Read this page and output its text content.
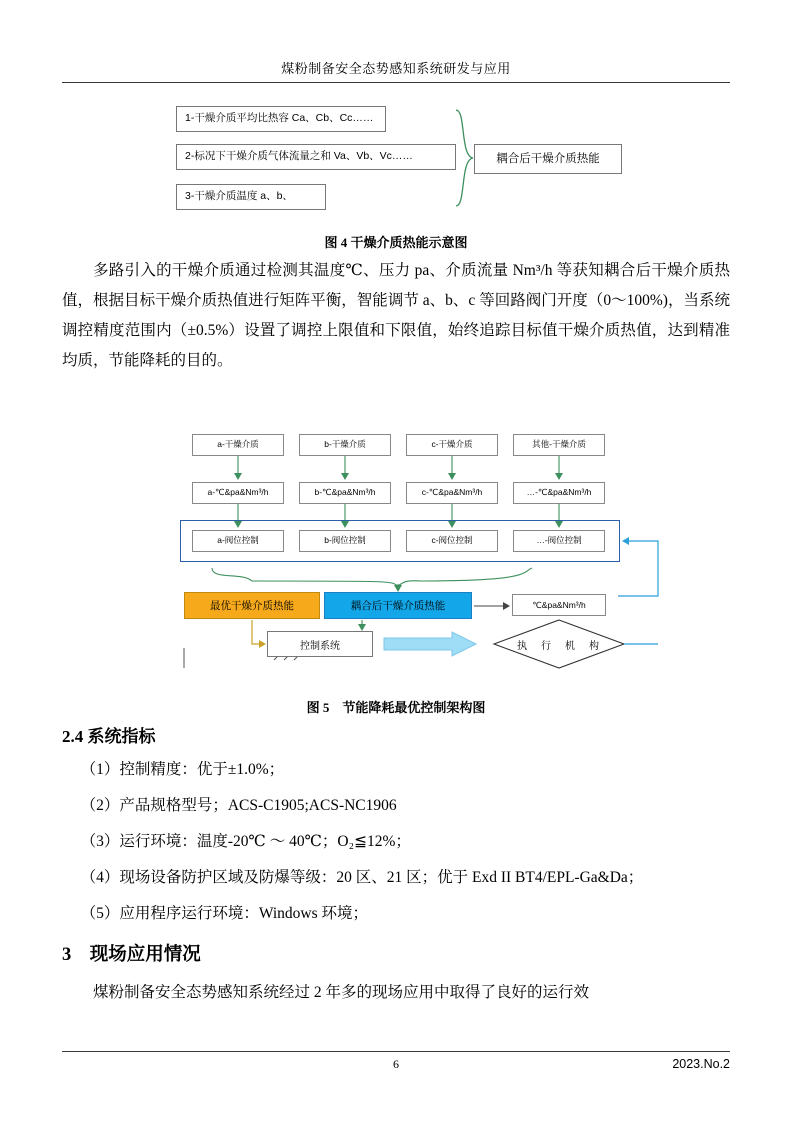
煤粉制备安全态势感知系统研发与应用
1-干燥介质平均比热容 Ca、Cb、Cc……
2-标况下干燥介质气体流量之和 Va、Vb、Vc……
3-干燥介质温度 a、b、
耦合后干燥介质热能
图 4 干燥介质热能示意图
多路引入的干燥介质通过检测其温度℃、压力 pa、介质流量 Nm³/h 等获知耦合后干燥介质热值，根据目标干燥介质热值进行矩阵平衡，智能调节 a、b、c 等回路阀门开度（0～100%)，当系统调控精度范围内（±0.5%）设置了调控上限值和下限值，始终追踪目标值干燥介质热值，达到精准均质，节能降耗的目的。
a-干燥介质	b-干燥介质	c-干燥介质	其他-干燥介质
a-℃&pa&Nm³/h	b-℃&pa&Nm³/h	c-℃&pa&Nm³/h	…-℃&pa&Nm³/h
a-阀位控制	b-阀位控制	c-阀位控制	…-阀位控制
最优干燥介质热能	耦合后干燥介质热能	℃&pa&Nm³/h
控制系统	执　行　机　构
图 5　节能降耗最优控制架构图
2.4 系统指标
（1）控制精度：优于±1.0%；
（2）产品规格型号；ACS-C1905;ACS-NC1906
（3）运行环境：温度-20℃ ～ 40℃；O₂≦12%；
（4）现场设备防护区域及防爆等级：20 区、21 区；优于 Exd II BT4/EPL-Ga&Da；
（5）应用程序运行环境：Windows 环境；
3　现场应用情况
煤粉制备安全态势感知系统经过 2 年多的现场应用中取得了良好的运行效
6	2023.No.2
